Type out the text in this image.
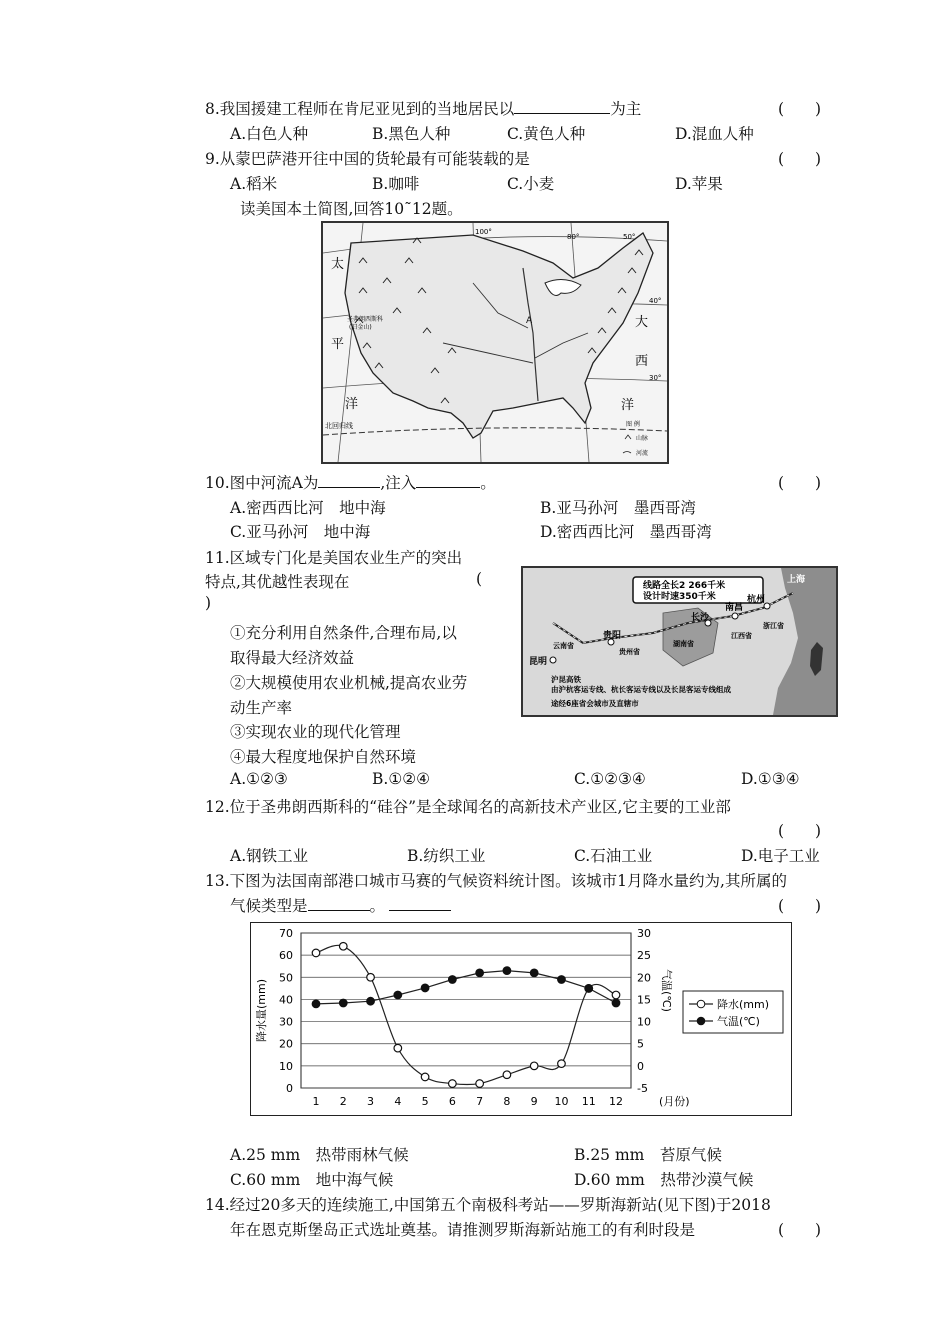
8.我国援建工程师在肯尼亚见到的当地居民以	为主	(　　)
A.白色人种	B.黑色人种	C.黄色人种	D.混血人种
9.从蒙巴萨港开往中国的货轮最有可能装载的是	(　　)
A.稻米	B.咖啡	C.小麦	D.苹果
读美国本土简图,回答10˜12题。
A
太
平
洋
大
西
洋
圣弗朗西斯科
(旧金山)
北回归线
100°
80°	50°
40°
30°
图 例
山脉
河流
10.图中河流A为	,注入	。	(　　)
A.密西西比河　地中海	B.亚马孙河　墨西哥湾
C.亚马孙河　地中海	D.密西西比河　墨西哥湾
11.区域专门化是美国农业生产的突出
特点,其优越性表现在	(
)
①充分利用自然条件,合理布局,以
取得最大经济效益
②大规模使用农业机械,提高农业劳
动生产率
③实现农业的现代化管理
④最大程度地保护自然环境
A.①②③	B.①②④	C.①②③④	D.①③④
线路全长2 266千米
设计时速350千米
上海
杭州
南昌
长沙
贵阳
昆明
浙江省
江西省
湖南省
贵州省
云南省
沪昆高铁
由沪杭客运专线、杭长客运专线以及长昆客运专线组成
途经6座省会城市及直辖市
12.位于圣弗朗西斯科的“硅谷”是全球闻名的高新技术产业区,它主要的工业部
(　　)
A.钢铁工业	B.纺织工业	C.石油工业	D.电子工业
13.下图为法国南部港口城市马赛的气候资料统计图。该城市1月降水量约为,其所属的
气候类型是	。	(　　)
0
10
20
30
40
50
60
70
-5
0
5
10
15
20
25
30
1 2 3 4 5 6 7 8 9 10 11 12	(月份)
降水量(mm)	气温(℃)	降水(mm)
气温(℃)
A.25 mm　热带雨林气候	B.25 mm　苔原气候
C.60 mm　地中海气候	D.60 mm　热带沙漠气候
14.经过20多天的连续施工,中国第五个南极科考站——罗斯海新站(见下图)于2018
年在恩克斯堡岛正式选址奠基。请推测罗斯海新站施工的有利时段是	(　　)
